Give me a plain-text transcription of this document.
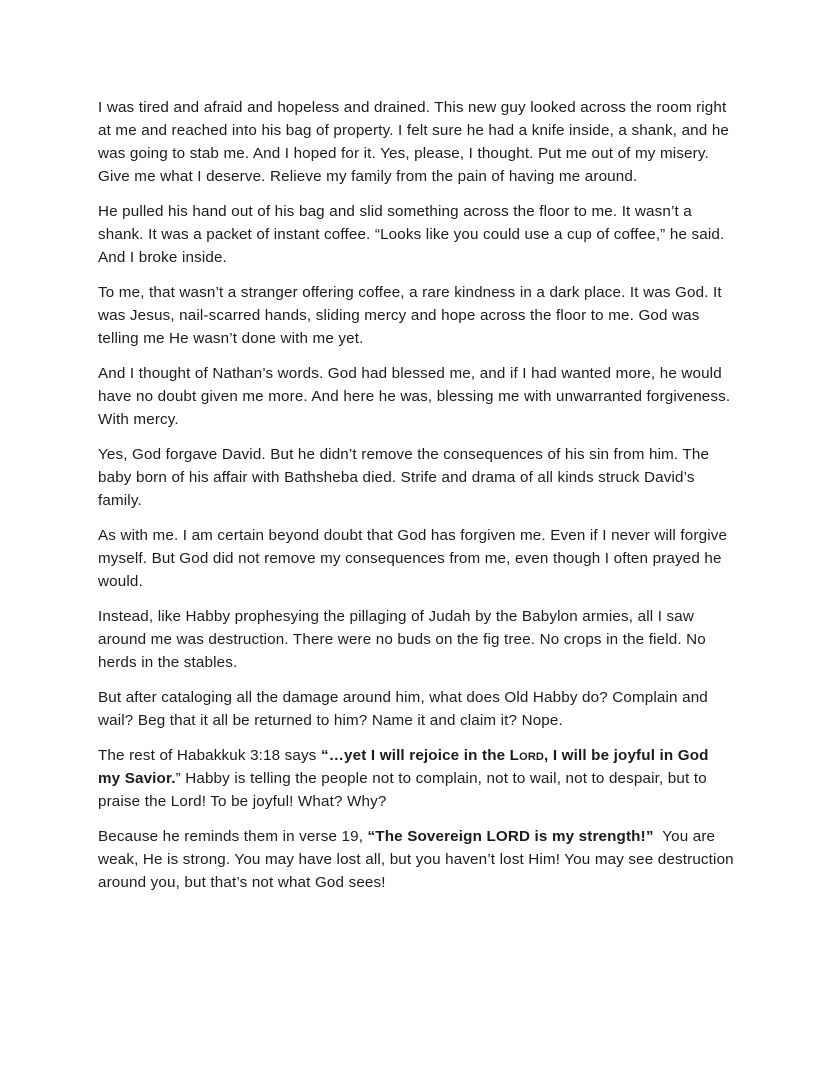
I was tired and afraid and hopeless and drained. This new guy looked across the room right at me and reached into his bag of property. I felt sure he had a knife inside, a shank, and he was going to stab me. And I hoped for it. Yes, please, I thought. Put me out of my misery. Give me what I deserve. Relieve my family from the pain of having me around.

He pulled his hand out of his bag and slid something across the floor to me. It wasn’t a shank. It was a packet of instant coffee. “Looks like you could use a cup of coffee,” he said. And I broke inside.

To me, that wasn’t a stranger offering coffee, a rare kindness in a dark place. It was God. It was Jesus, nail-scarred hands, sliding mercy and hope across the floor to me. God was telling me He wasn’t done with me yet.

And I thought of Nathan’s words. God had blessed me, and if I had wanted more, he would have no doubt given me more. And here he was, blessing me with unwarranted forgiveness. With mercy.

Yes, God forgave David. But he didn’t remove the consequences of his sin from him. The baby born of his affair with Bathsheba died. Strife and drama of all kinds struck David’s family.

As with me. I am certain beyond doubt that God has forgiven me. Even if I never will forgive myself. But God did not remove my consequences from me, even though I often prayed he would.

Instead, like Habby prophesying the pillaging of Judah by the Babylon armies, all I saw around me was destruction. There were no buds on the fig tree. No crops in the field. No herds in the stables.

But after cataloging all the damage around him, what does Old Habby do? Complain and wail? Beg that it all be returned to him? Name it and claim it? Nope.

The rest of Habakkuk 3:18 says “…yet I will rejoice in the Lord, I will be joyful in God my Savior.” Habby is telling the people not to complain, not to wail, not to despair, but to praise the Lord! To be joyful! What? Why?

Because he reminds them in verse 19, “The Sovereign LORD is my strength!” You are weak, He is strong. You may have lost all, but you haven’t lost Him! You may see destruction around you, but that’s not what God sees!
